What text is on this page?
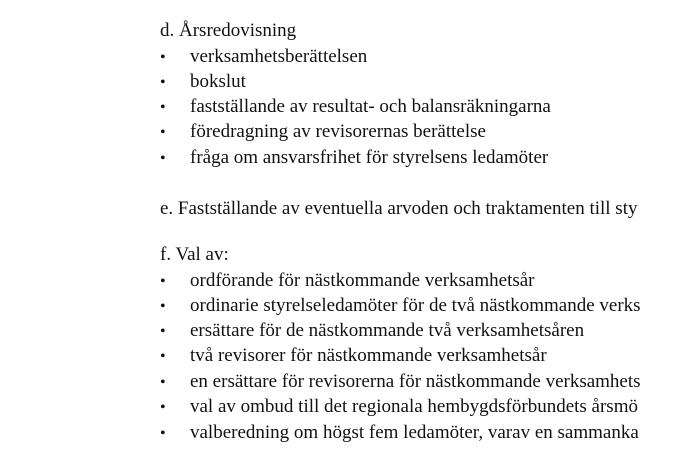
d. Årsredovisning
• verksamhetsberättelsen
• bokslut
• fastställande av resultat- och balansräkningarna
• föredragning av revisorernas berättelse
• fråga om ansvarsfrihet för styrelsens ledamöter
e. Fastställande av eventuella arvoden och traktamenten till sty
f. Val av:
• ordförande för nästkommande verksamhetsår
• ordinarie styrelseledamöter för de två nästkommande verks
• ersättare för de nästkommande två verksamhetsåren
• två revisorer för nästkommande verksamhetsår
• en ersättare för revisorerna för nästkommande verksamhets
• val av ombud till det regionala hembygdsförbundets årsmö
• valberedning om högst fem ledamöter, varav en sammanka
